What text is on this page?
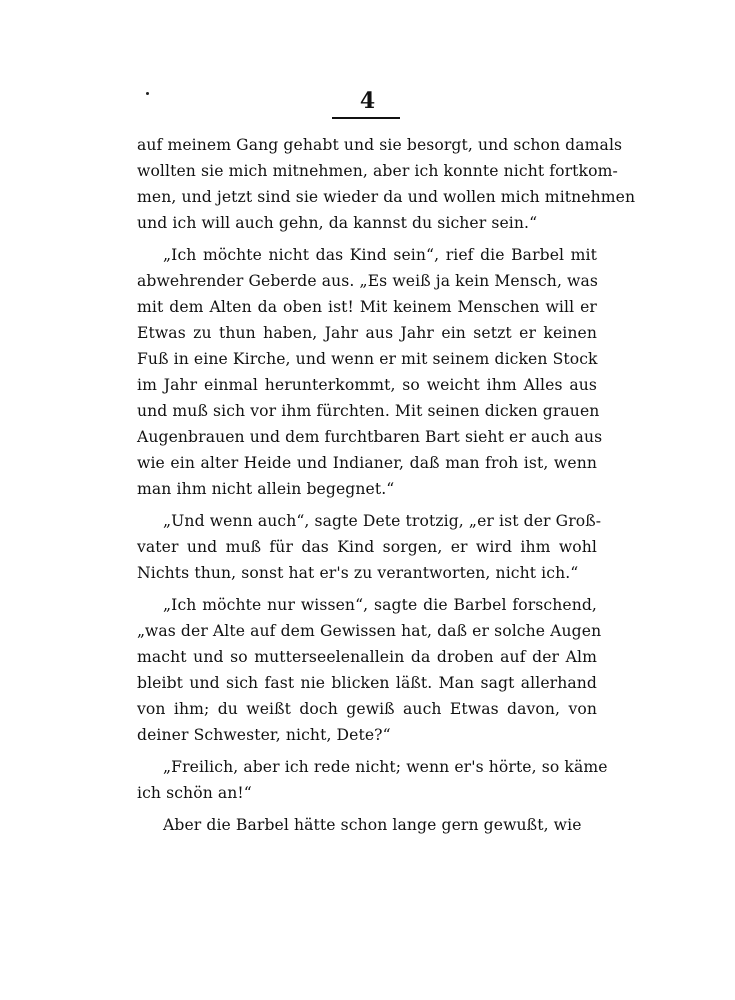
4
auf meinem Gang gehabt und sie besorgt, und schon damals
wollten sie mich mitnehmen, aber ich konnte nicht fortkom-
men, und jetzt sind sie wieder da und wollen mich mitnehmen
und ich will auch gehn, da kannst du sicher sein.“
„Ich möchte nicht das Kind sein“, rief die Barbel mit
abwehrender Geberde aus. „Es weiß ja kein Mensch, was
mit dem Alten da oben ist! Mit keinem Menschen will er
Etwas zu thun haben, Jahr aus Jahr ein setzt er keinen
Fuß in eine Kirche, und wenn er mit seinem dicken Stock
im Jahr einmal herunterkommt, so weicht ihm Alles aus
und muß sich vor ihm fürchten. Mit seinen dicken grauen
Augenbrauen und dem furchtbaren Bart sieht er auch aus
wie ein alter Heide und Indianer, daß man froh ist, wenn
man ihm nicht allein begegnet.“
„Und wenn auch“, sagte Dete trotzig, „er ist der Groß-
vater und muß für das Kind sorgen, er wird ihm wohl
Nichts thun, sonst hat er's zu verantworten, nicht ich.“
„Ich möchte nur wissen“, sagte die Barbel forschend,
„was der Alte auf dem Gewissen hat, daß er solche Augen
macht und so mutterseelenallein da droben auf der Alm
bleibt und sich fast nie blicken läßt. Man sagt allerhand
von ihm; du weißt doch gewiß auch Etwas davon, von
deiner Schwester, nicht, Dete?“
„Freilich, aber ich rede nicht; wenn er's hörte, so käme
ich schön an!“
Aber die Barbel hätte schon lange gern gewußt, wie
